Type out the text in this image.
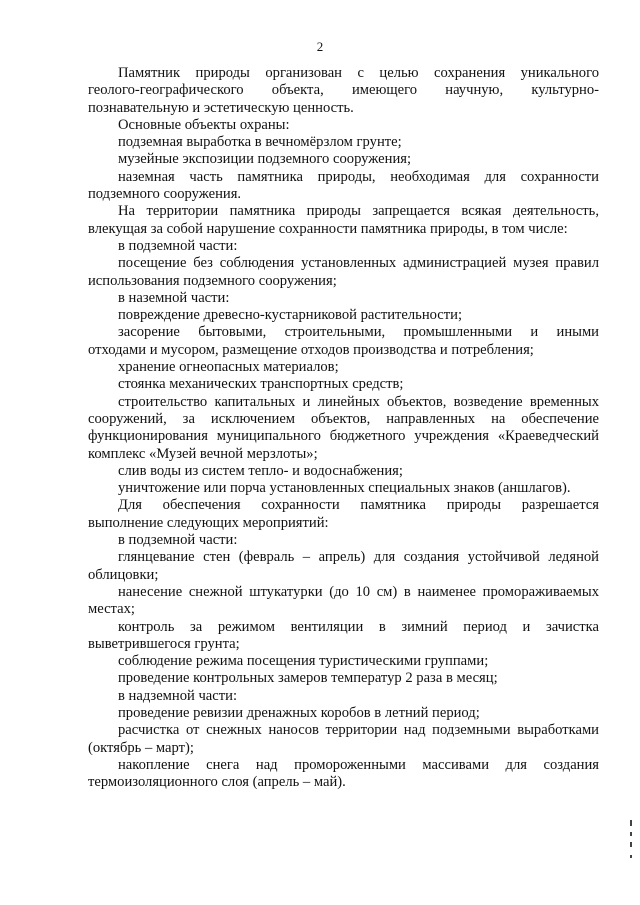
2
Памятник природы организован с целью сохранения уникального
геолого-географического объекта, имеющего научную, культурно-
познавательную и эстетическую ценность.

Основные объекты охраны:

подземная выработка в вечномёрзлом грунте;

музейные экспозиции подземного сооружения;

наземная часть памятника природы, необходимая для сохранности
подземного сооружения.
На территории памятника природы запрещается всякая деятельность,
влекущая за собой нарушение сохранности памятника природы, в том числе:

в подземной части:

посещение без соблюдения установленных администрацией музея правил
использования подземного сооружения;

в наземной части:

повреждение древесно-кустарниковой растительности;

засорение бытовыми, строительными, промышленными и иными
отходами и мусором, размещение отходов производства и потребления;

хранение огнеопасных материалов;

стоянка механических транспортных средств;

строительство капитальных и линейных объектов, возведение временных
сооружений, за исключением объектов, направленных на обеспечение
функционирования муниципального бюджетного учреждения «Краеведческий
комплекс «Музей вечной мерзлоты»;

слив воды из систем тепло- и водоснабжения;

уничтожение или порча установленных специальных знаков (аншлагов).

Для обеспечения сохранности памятника природы разрешается
выполнение следующих мероприятий:

в подземной части:

глянцевание стен (февраль – апрель) для создания устойчивой ледяной
облицовки;
нанесение снежной штукатурки (до 10 см) в наименее промораживаемых
местах;
контроль за режимом вентиляции в зимний период и зачистка
выветрившегося грунта;

соблюдение режима посещения туристическими группами;

проведение контрольных замеров температур 2 раза в месяц;

в надземной части:

проведение ревизии дренажных коробов в летний период;

расчистка от снежных наносов территории над подземными выработками
(октябрь – март);
накопление снега над промороженными массивами для создания
термоизоляционного слоя (апрель – май).
